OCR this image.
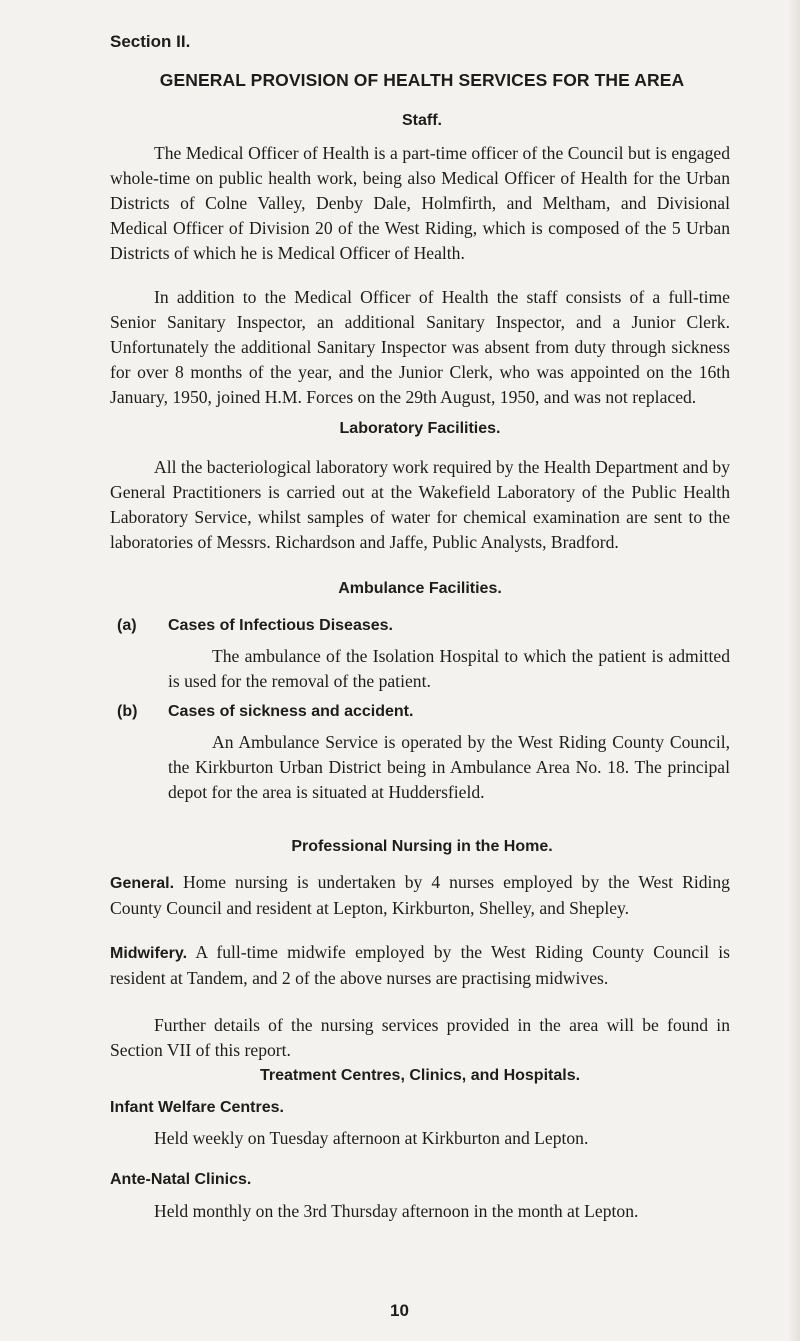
Section II.
GENERAL PROVISION OF HEALTH SERVICES FOR THE AREA
Staff.

The Medical Officer of Health is a part-time officer of the Council but is engaged whole-time on public health work, being also Medical Officer of Health for the Urban Districts of Colne Valley, Denby Dale, Holmfirth, and Meltham, and Divisional Medical Officer of Division 20 of the West Riding, which is composed of the 5 Urban Districts of which he is Medical Officer of Health.

In addition to the Medical Officer of Health the staff consists of a full-time Senior Sanitary Inspector, an additional Sanitary Inspector, and a Junior Clerk. Unfortunately the additional Sanitary Inspector was absent from duty through sickness for over 8 months of the year, and the Junior Clerk, who was appointed on the 16th January, 1950, joined H.M. Forces on the 29th August, 1950, and was not replaced.

Laboratory Facilities.

All the bacteriological laboratory work required by the Health Department and by General Practitioners is carried out at the Wakefield Laboratory of the Public Health Laboratory Service, whilst samples of water for chemical examination are sent to the laboratories of Messrs. Richardson and Jaffe, Public Analysts, Bradford.

Ambulance Facilities.
(a) Cases of Infectious Diseases.

The ambulance of the Isolation Hospital to which the patient is admitted is used for the removal of the patient.

(b) Cases of sickness and accident.

An Ambulance Service is operated by the West Riding County Council, the Kirkburton Urban District being in Ambulance Area No. 18. The principal depot for the area is situated at Huddersfield.

Professional Nursing in the Home.

General. Home nursing is undertaken by 4 nurses employed by the West Riding County Council and resident at Lepton, Kirkburton, Shelley, and Shepley.

Midwifery. A full-time midwife employed by the West Riding County Council is resident at Tandem, and 2 of the above nurses are practising midwives.

Further details of the nursing services provided in the area will be found in Section VII of this report.

Treatment Centres, Clinics, and Hospitals.
Infant Welfare Centres.

Held weekly on Tuesday afternoon at Kirkburton and Lepton.

Ante-Natal Clinics.

Held monthly on the 3rd Thursday afternoon in the month at Lepton.

10
